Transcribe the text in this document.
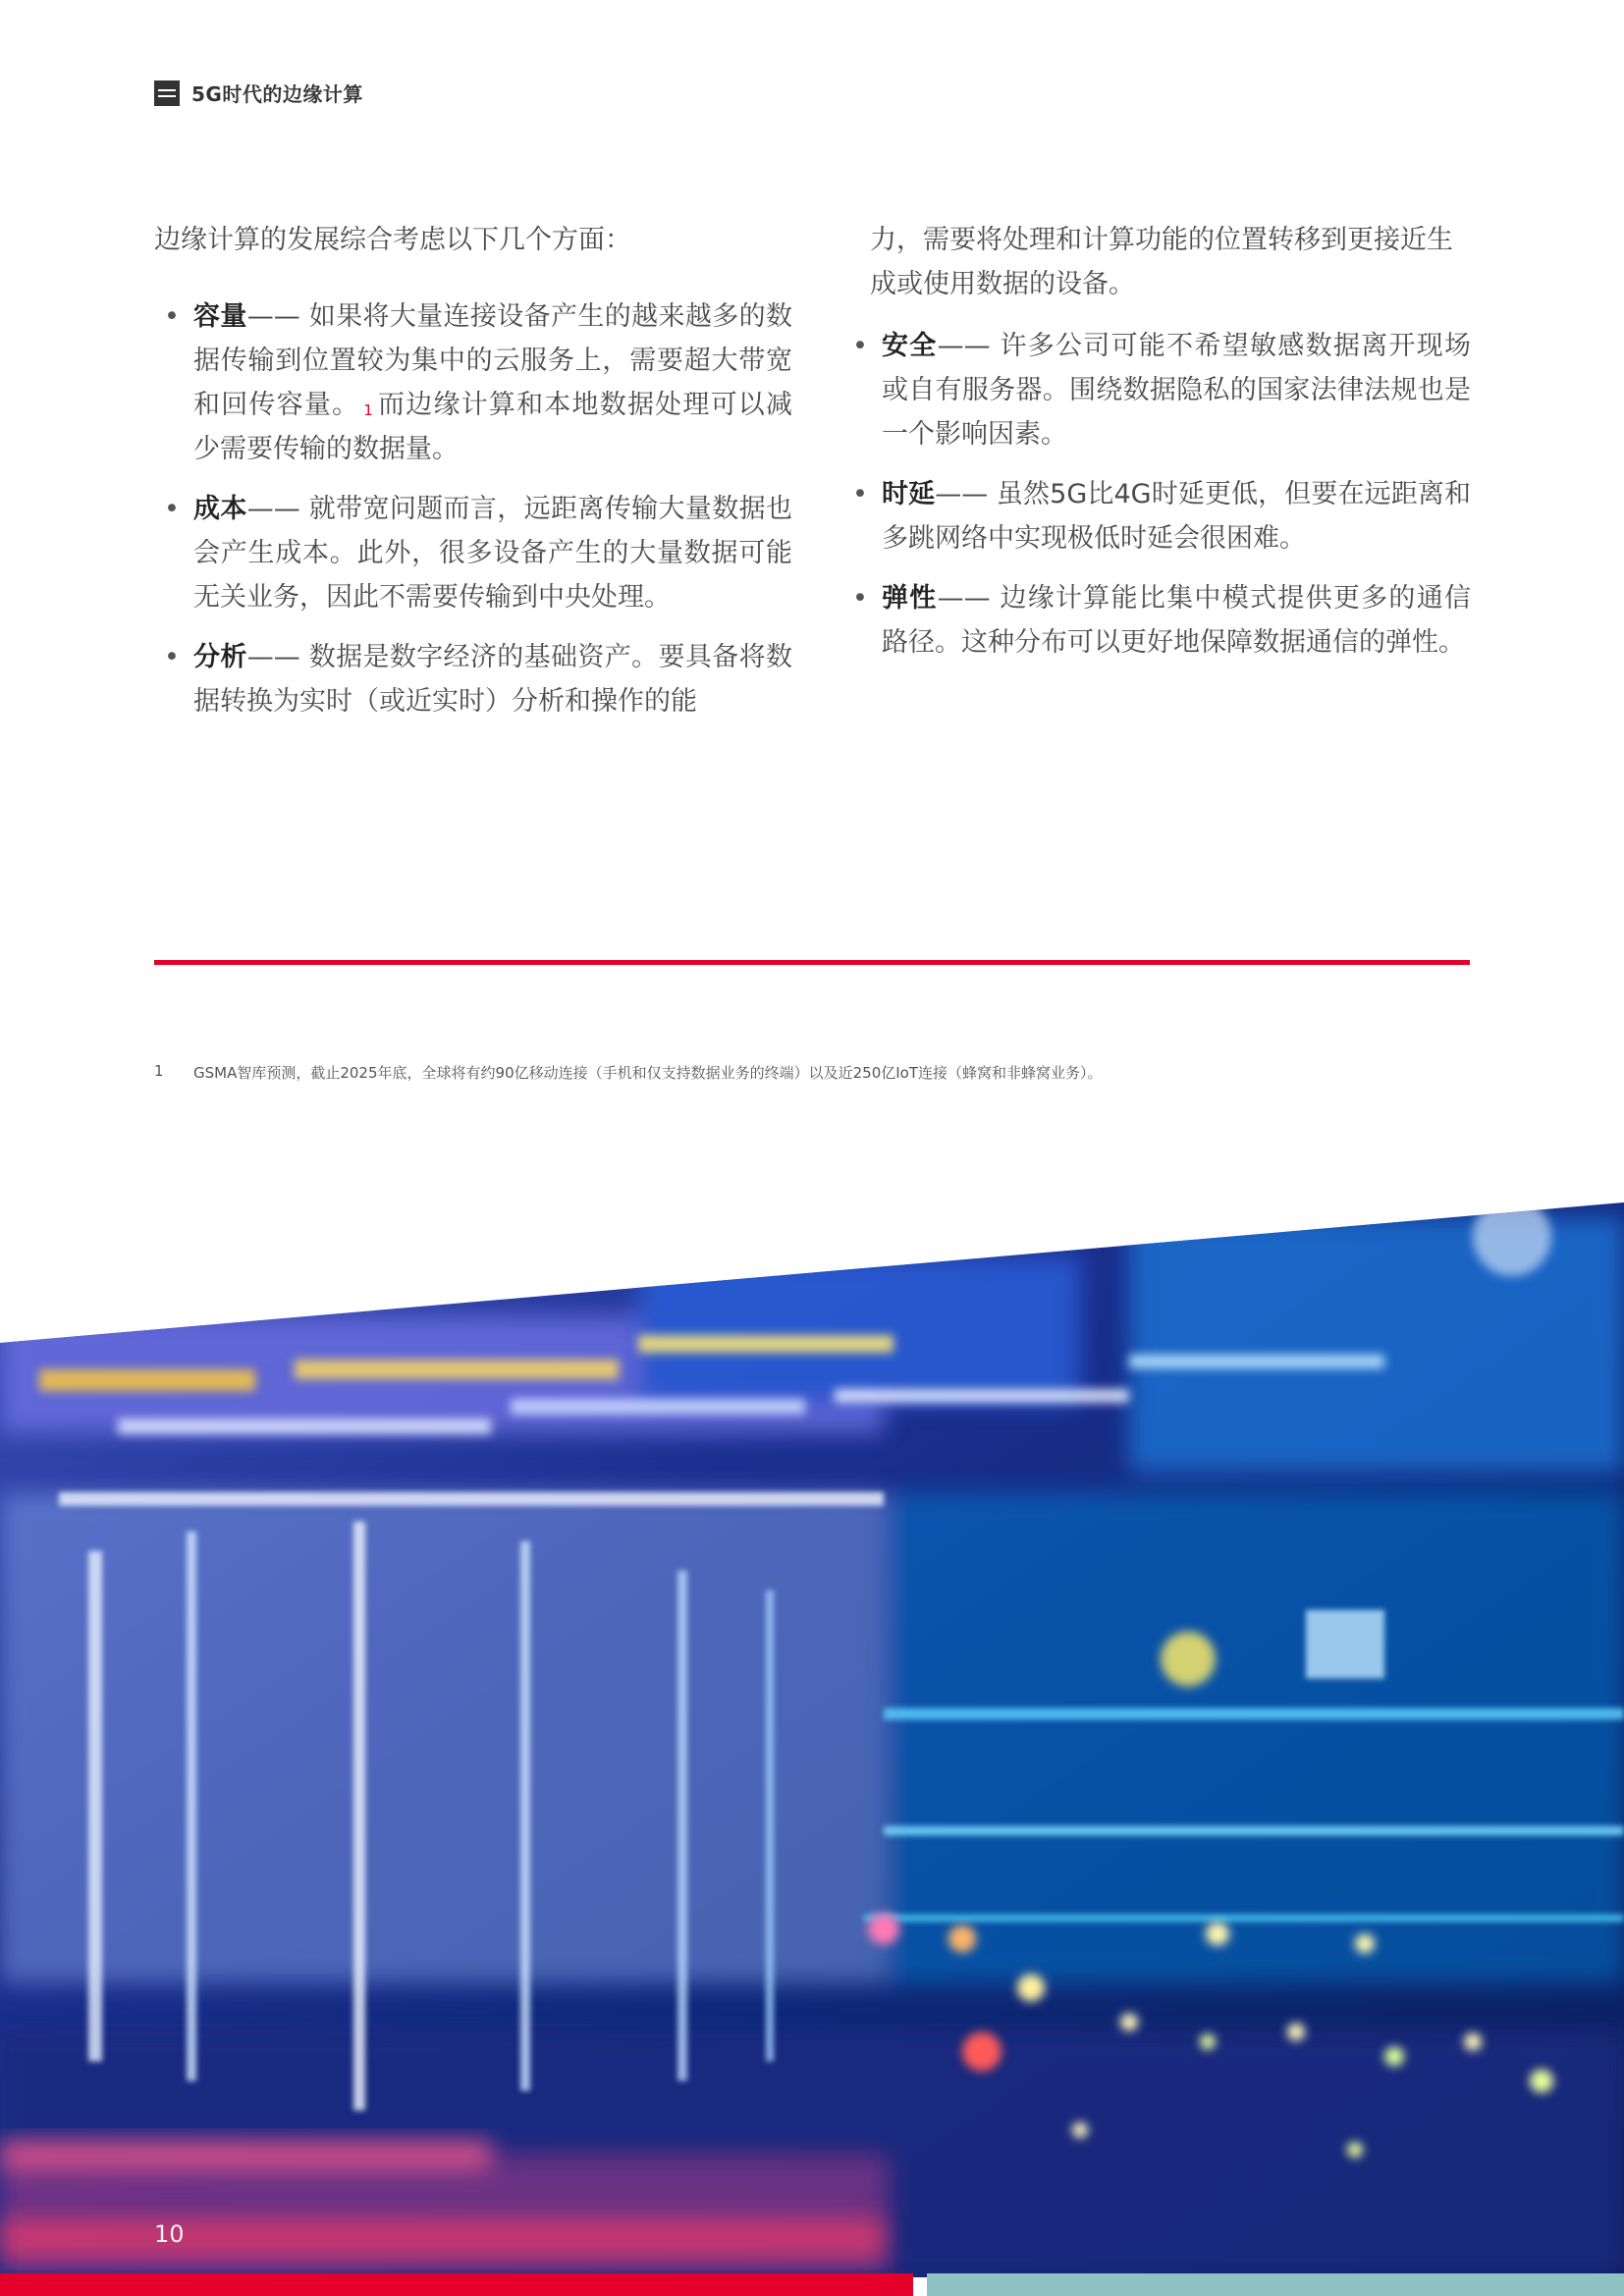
5G时代的边缘计算

边缘计算的发展综合考虑以下几个方面：

• 容量—— 如果将大量连接设备产生的越来越多的数据传输到位置较为集中的云服务上，需要超大带宽和回传容量。 $^1$ 而边缘计算和本地数据处理可以减少需要传输的数据量。
• 成本—— 就带宽问题而言，远距离传输大量数据也会产生成本。此外，很多设备产生的大量数据可能无关业务，因此不需要传输到中央处理。
• 分析—— 数据是数字经济的基础资产。要具备将数据转换为实时（或近实时）分析和操作的能

力，需要将处理和计算功能的位置转移到更接近生成或使用数据的设备。

• 安全—— 许多公司可能不希望敏感数据离开现场或自有服务器。围绕数据隐私的国家法律法规也是一个影响因素。
• 时延—— 虽然5G比4G时延更低，但要在远距离和多跳网络中实现极低时延会很困难。
• 弹性—— 边缘计算能比集中模式提供更多的通信路径。这种分布可以更好地保障数据通信的弹性。
1	GSMA智库预测，截止2025年底，全球将有约90亿移动连接（手机和仅支持数据业务的终端）以及近250亿IoT连接（蜂窝和非蜂窝业务）。
10
